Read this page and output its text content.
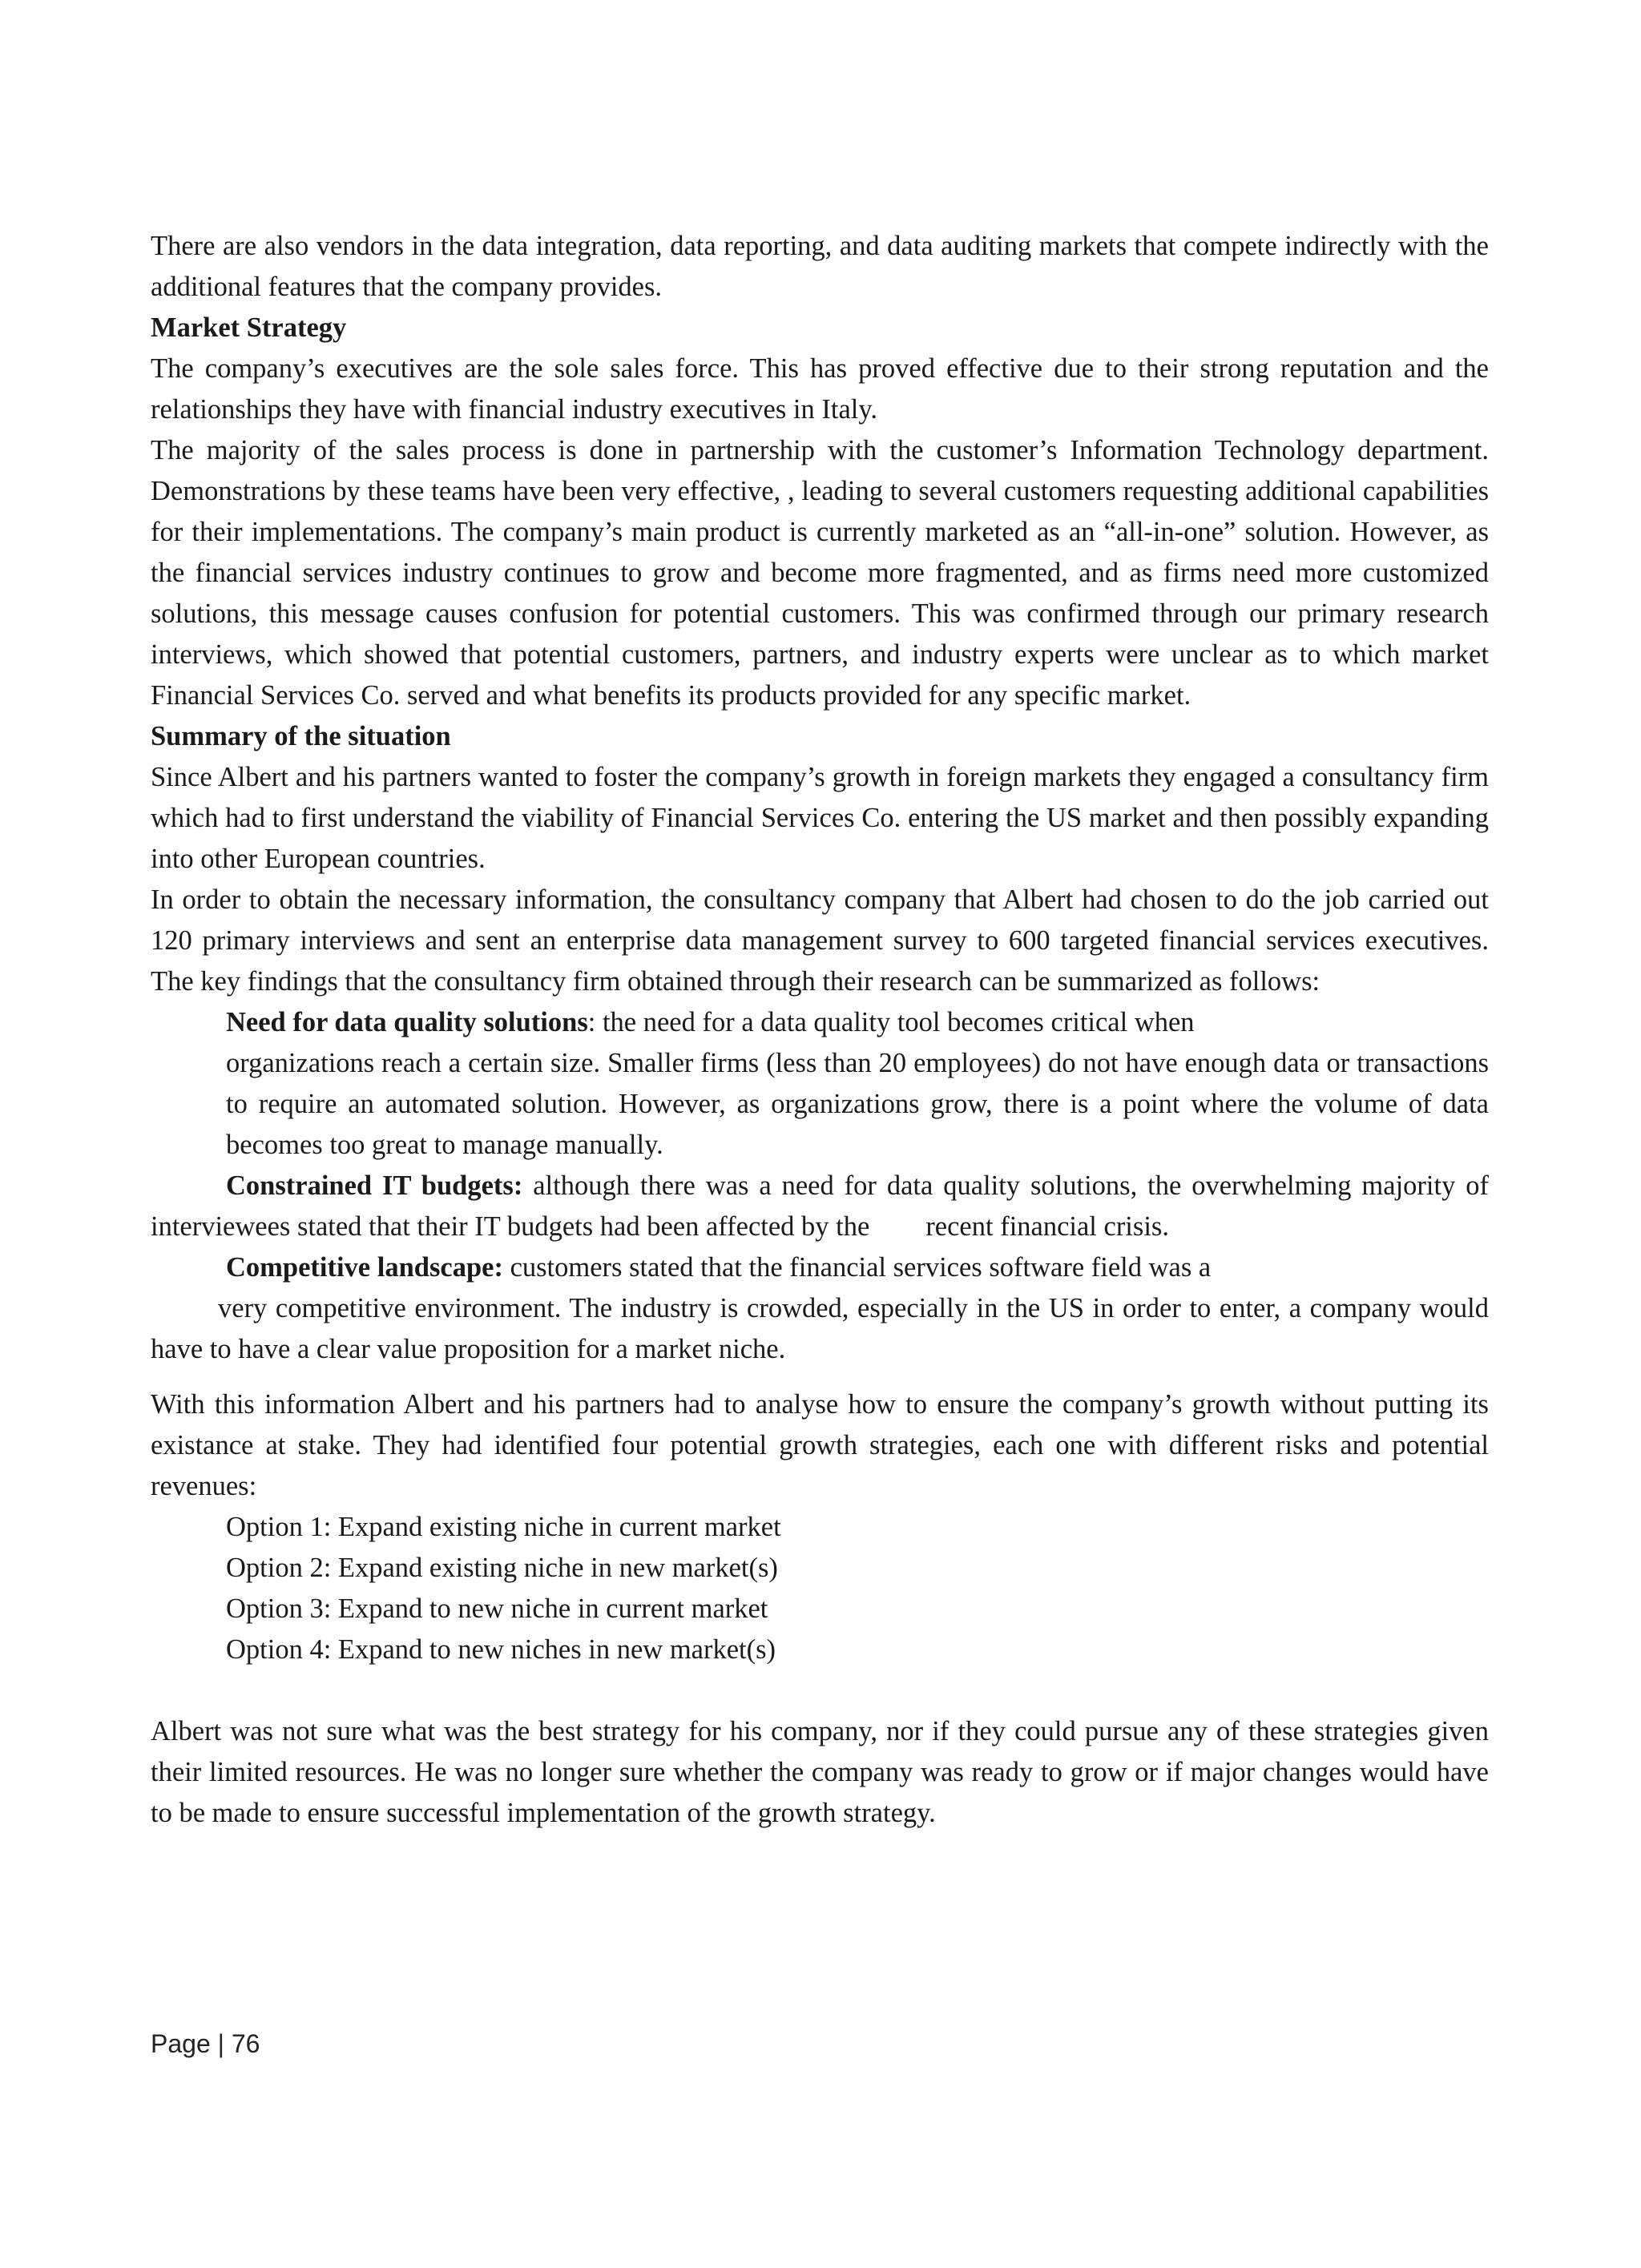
There are also vendors in the data integration, data reporting, and data auditing markets that compete indirectly with the additional features that the company provides.

Market Strategy

The company’s executives are the sole sales force. This has proved effective due to their strong reputation and the relationships they have with financial industry executives in Italy.

The majority of the sales process is done in partnership with the customer’s Information Technology department. Demonstrations by these teams have been very effective, , leading to several customers requesting additional capabilities for their implementations. The company’s main product is currently marketed as an “all-in-one” solution. However, as the financial services industry continues to grow and become more fragmented, and as firms need more customized solutions, this message causes confusion for potential customers. This was confirmed through our primary research interviews, which showed that potential customers, partners, and industry experts were unclear as to which market Financial Services Co. served and what benefits its products provided for any specific market.

Summary of the situation

Since Albert and his partners wanted to foster the company’s growth in foreign markets they engaged a consultancy firm which had to first understand the viability of Financial Services Co. entering the US market and then possibly expanding into other European countries.

In order to obtain the necessary information, the consultancy company that Albert had chosen to do the job carried out 120 primary interviews and sent an enterprise data management survey to 600 targeted financial services executives. The key findings that the consultancy firm obtained through their research can be summarized as follows:

Need for data quality solutions: the need for a data quality tool becomes critical when

organizations reach a certain size. Smaller firms (less than 20 employees) do not have enough data or transactions to require an automated solution. However, as organizations grow, there is a point where the volume of data becomes too great to manage manually.

Constrained IT budgets: although there was a need for data quality solutions, the overwhelming majority of interviewees stated that their IT budgets had been affected by the recent financial crisis.

Competitive landscape: customers stated that the financial services software field was a

very competitive environment. The industry is crowded, especially in the US in order to enter, a company would have to have a clear value proposition for a market niche.

With this information Albert and his partners had to analyse how to ensure the company’s growth without putting its existance at stake. They had identified four potential growth strategies, each one with different risks and potential revenues:

Option 1: Expand existing niche in current market

Option 2: Expand existing niche in new market(s)

Option 3: Expand to new niche in current market

Option 4: Expand to new niches in new market(s)

Albert was not sure what was the best strategy for his company, nor if they could pursue any of these strategies given their limited resources. He was no longer sure whether the company was ready to grow or if major changes would have to be made to ensure successful implementation of the growth strategy.

Page | 76
